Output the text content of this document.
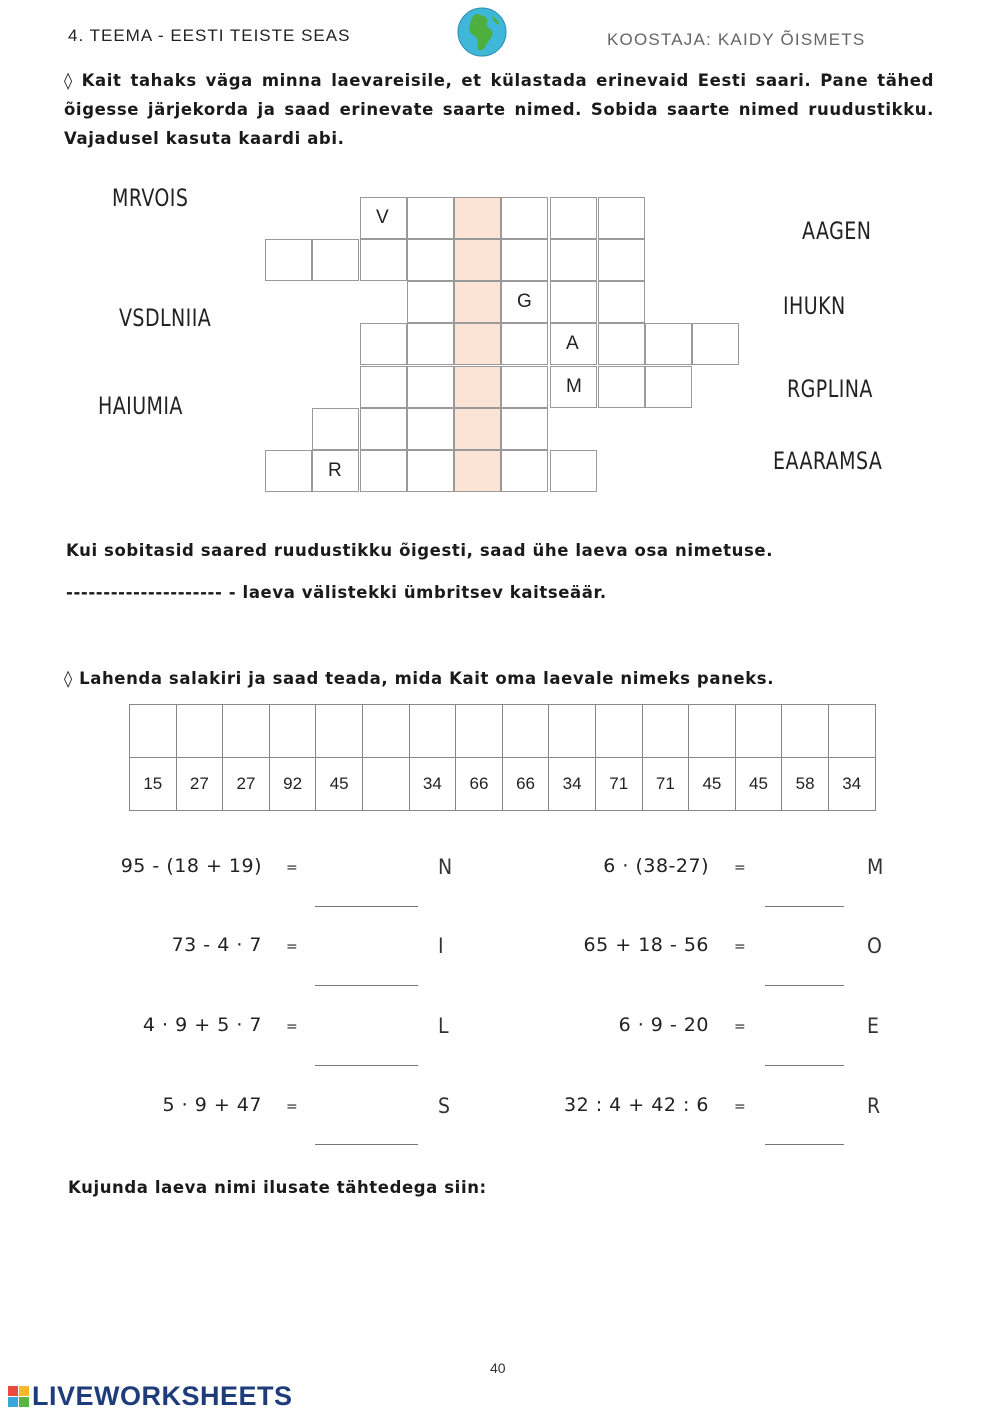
4. TEEMA - EESTI TEISTE SEAS	KOOSTAJA: KAIDY ÕISMETS
◊ Kait tahaks väga minna laevareisile, et külastada erinevaid Eesti saari. Pane tähed õigesse järjekorda ja saad erinevate saarte nimed. Sobida saarte nimed ruudustikku. Vajadusel kasuta kaardi abi.
MRVOIS
VSDLNIIA
HAIUMIA
AAGEN
IHUKN
RGPLINA
EAARAMSA
V
G
A
M
R
Kui sobitasid saared ruudustikku õigesti, saad ühe laeva osa nimetuse.
--------------------- - laeva välistekki ümbritsev kaitseäär.
◊ Lahenda salakiri ja saad teada, mida Kait oma laevale nimeks paneks.

15	27	27	92	45		34	66	66	34	71	71	45	45	58	34
95 - (18 + 19) =	N
73 - 4 · 7 =	I
4 · 9 + 5 · 7 =	L
5 · 9 + 47 =	S
6 · (38-27) =	M
65 + 18 - 56 =	O
6 · 9 - 20 =	E
32 : 4 + 42 : 6 =	R
Kujunda laeva nimi ilusate tähtedega siin:
40
LIVEWORKSHEETS
